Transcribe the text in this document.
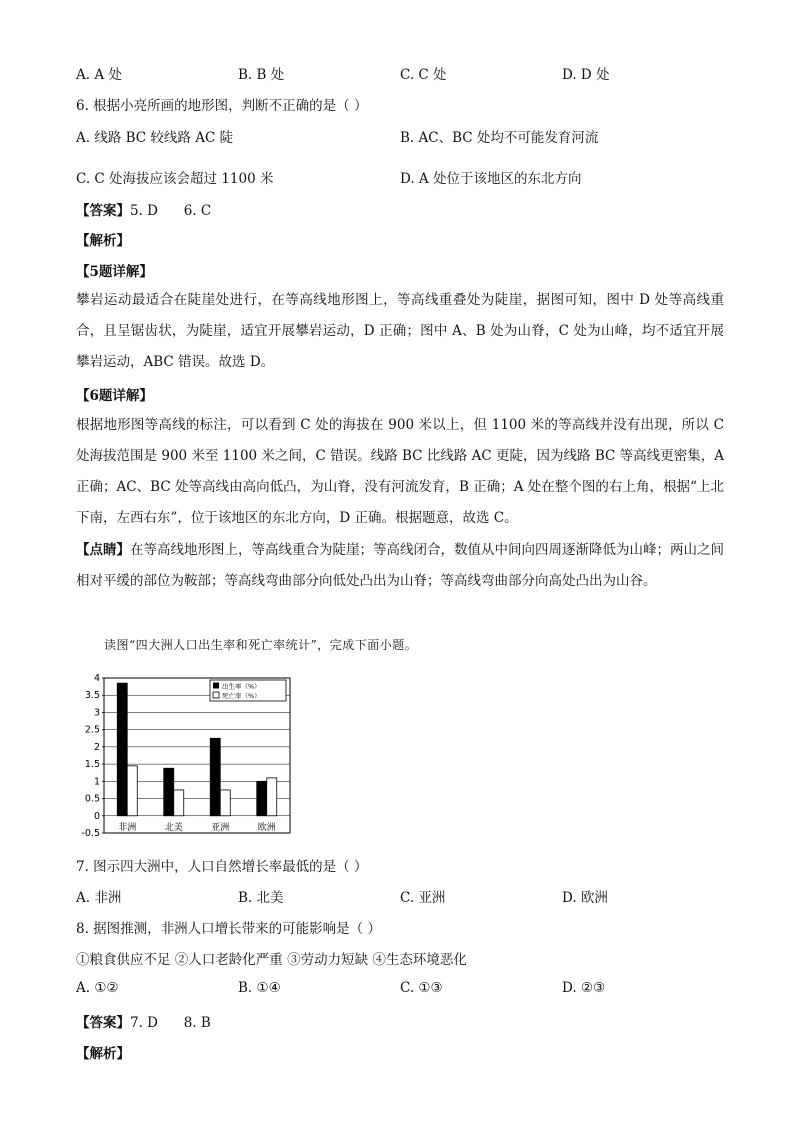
A. A 处	B. B 处	C. C 处	D. D 处
6. 根据小亮所画的地形图，判断不正确的是（ ）
A. 线路 BC 较线路 AC 陡	B. AC、BC 处均不可能发育河流
C. C 处海拔应该会超过 1100 米	D. A 处位于该地区的东北方向
【答案】5. D      6. C
【解析】
【5题详解】
攀岩运动最适合在陡崖处进行，在等高线地形图上，等高线重叠处为陡崖，据图可知，图中 D 处等高线重合，且呈锯齿状，为陡崖，适宜开展攀岩运动，D 正确；图中 A、B 处为山脊，C 处为山峰，均不适宜开展攀岩运动，ABC 错误。故选 D。
【6题详解】
根据地形图等高线的标注，可以看到 C 处的海拔在 900 米以上，但 1100 米的等高线并没有出现，所以 C 处海拔范围是 900 米至 1100 米之间，C 错误。线路 BC 比线路 AC 更陡，因为线路 BC 等高线更密集，A 正确；AC、BC 处等高线由高向低凸，为山脊，没有河流发育，B 正确；A 处在整个图的右上角，根据“上北下南，左西右东”，位于该地区的东北方向，D 正确。根据题意，故选 C。
【点睛】在等高线地形图上，等高线重合为陡崖；等高线闭合，数值从中间向四周逐渐降低为山峰；两山之间相对平缓的部位为鞍部；等高线弯曲部分向低处凸出为山脊；等高线弯曲部分向高处凸出为山谷。
读图“四大洲人口出生率和死亡率统计”，完成下面小题。
4
3.5
3
2.5
2
1.5
1
0.5
0
-0.5 非洲	北美	亚洲	欧洲
出生率（%）
死亡率（%）
7. 图示四大洲中，人口自然增长率最低的是（ ）
A. 非洲	B. 北美	C. 亚洲	D. 欧洲
8. 据图推测，非洲人口增长带来的可能影响是（ ）
①粮食供应不足 ②人口老龄化严重 ③劳动力短缺 ④生态环境恶化
A. ①②	B. ①④	C. ①③	D. ②③
【答案】7. D      8. B
【解析】
